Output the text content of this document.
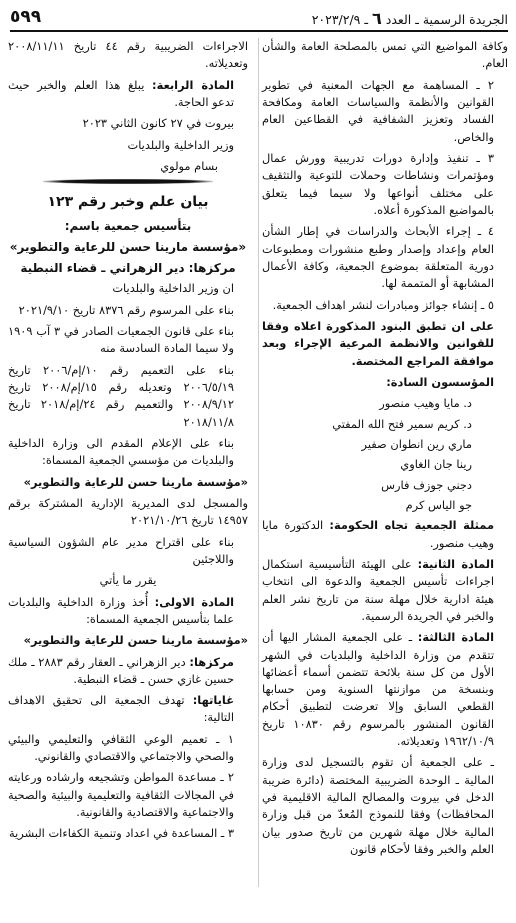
الجريدة الرسمية ـ العدد ٦ ـ ٢٠٢٣/٢/٩
٥٩٩

وكافة المواضيع التي تمس بالمصلحة العامة والشأن العام.

٢ ـ المساهمة مع الجهات المعنية في تطوير القوانين والأنظمة والسياسات العامة ومكافحة الفساد وتعزيز الشفافية في القطاعين العام والخاص.

٣ ـ تنفيذ وإدارة دورات تدريبية وورش عمال ومؤتمرات ونشاطات وحملات للتوعية والتثقيف على مختلف أنواعها ولا سيما فيما يتعلق بالمواضيع المذكورة أعلاه.

٤ ـ إجراء الأبحاث والدراسات في إطار الشأن العام وإعداد وإصدار وطبع منشورات ومطبوعات دورية المتعلقة بموضوع الجمعية، وكافة الأعمال المشابهة أو المتممة لها.

٥ ـ إنشاء جوائز ومبادرات لنشر اهداف الجمعية.

على ان تطبق البنود المذكورة اعلاه وفقا للقوانين والانظمة المرعية الإجراء وبعد موافقة المراجع المختصة.

المؤسسون السادة:

د. مايا وهيب منصور

د. كريم سمير فتح الله المفتي

ماري رين انطوان صفير

رينا جان الغاوي

دجني جوزف فارس

جو الياس كرم

ممثلة الجمعية تجاه الحكومة: الدكتورة مايا وهيب منصور.

المادة الثانية: على الهيئة التأسيسية استكمال اجراءات تأسيس الجمعية والدعوة الى انتخاب هيئة ادارية خلال مهلة سنة من تاريخ نشر العلم والخبر في الجريدة الرسمية.

المادة الثالثة: ـ على الجمعية المشار اليها أن تتقدم من وزارة الداخلية والبلديات في الشهر الأول من كل سنة بلائحة تتضمن أسماء أعضائها وبنسخة من موازنتها السنوية ومن حسابها القطعي السابق وإلا تعرضت لتطبيق أحكام القانون المنشور بالمرسوم رقم ١٠٨٣٠ تاريخ ١٩٦٢/١٠/٩ وتعديلاته.

ـ على الجمعية أن تقوم بالتسجيل لدى وزارة المالية ـ الوحدة الضريبية المختصة (دائرة ضريبة الدخل في بيروت والمصالح المالية الاقليمية في المحافظات) وفقا للنموذج المُعدّ من قبل وزارة المالية خلال مهلة شهرين من تاريخ صدور بيان العلم والخبر وفقا لأحكام قانون

الاجراءات الضريبية رقم ٤٤ تاريخ ٢٠٠٨/١١/١١ وتعديلاته.

المادة الرابعة: يبلغ هذا العلم والخبر حيث تدعو الحاجة.

بيروت في ٢٧ كانون الثاني ٢٠٢٣

وزير الداخلية والبلديات

بسام مولوي

بيان علم وخبر رقم ١٢٣

بتأسيس جمعية باسم:

«مؤسسة مارينا حسن للرعاية والتطوير»

مركزها: دير الزهراني ـ قضاء النبطية

ان وزير الداخلية والبلديات

بناء على المرسوم رقم ٨٣٧٦ تاريخ ٢٠٢١/٩/١٠

بناء على قانون الجمعيات الصادر في ٣ آب ١٩٠٩ ولا سيما المادة السادسة منه

بناء على التعميم رقم ١٠/إم/٢٠٠٦ تاريخ ٢٠٠٦/٥/١٩ وتعديله رقم ١٥/إم/٢٠٠٨ تاريخ ٢٠٠٨/٩/١٢ والتعميم رقم ٢٤/إم/٢٠١٨ تاريخ ٢٠١٨/١١/٨

بناء على الإعلام المقدم الى وزارة الداخلية والبلديات من مؤسسي الجمعية المسماة:

«مؤسسة مارينا حسن للرعاية والتطوير»

والمسجل لدى المديرية الإدارية المشتركة برقم ١٤٩٥٧ تاريخ ٢٠٢١/١٠/٢٦

بناء على اقتراح مدير عام الشؤون السياسية واللاجئين

يقرر ما يأتي

المادة الاولى: أُخذ وزارة الداخلية والبلديات علما بتأسيس الجمعية المسماة:

«مؤسسة مارينا حسن للرعاية والتطوير»

مركزها: دير الزهراني ـ العقار رقم ٢٨٨٣ ـ ملك حسين غازي حسن ـ قضاء النبطية.

غاياتها: تهدف الجمعية الى تحقيق الاهداف التالية:

١ ـ تعميم الوعي الثقافي والتعليمي والبيئي والصحي والاجتماعي والاقتصادي والقانوني.

٢ ـ مساعدة المواطن وتشجيعه وارشاده ورعايته في المجالات الثقافية والتعليمية والبيئية والصحية والاجتماعية والاقتصادية والقانونية.

٣ ـ المساعدة في اعداد وتنمية الكفاءات البشرية
